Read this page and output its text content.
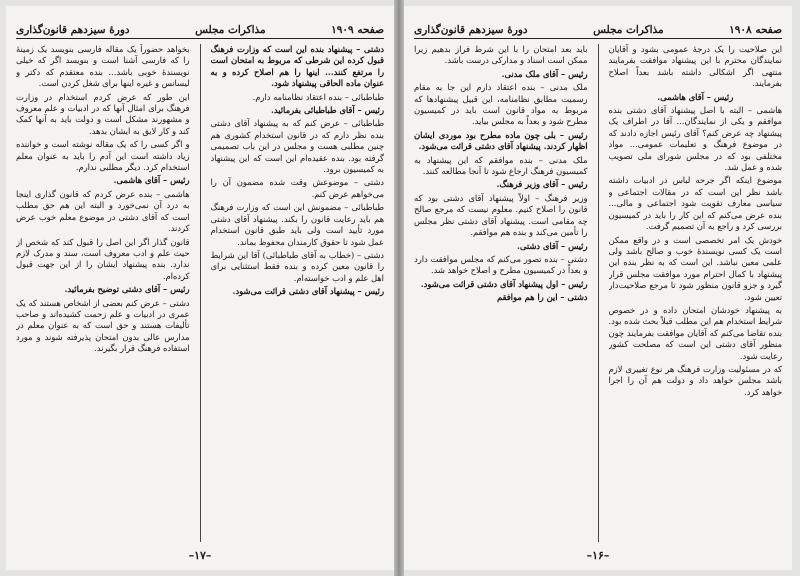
صفحه ۱۹۰۹
مذاکرات مجلس
دورهٔ سیزدهم قانون‌گذاری

دشتی – پیشنهاد بنده این است که وزارت فرهنگ قبول کرده این شرطی که مربوط به امتحان است را مرتفع کنند... اینها را هم اصلاح کرده و به عنوان ماده الحاقی پیشنهاد شود.

طباطبائی – بنده اعتقاد نظامنامه دارم.

رئیس – آقای طباطبائی بفرمائید.

طباطبائی – عرض کنم که به پیشنهاد آقای دشتی بنده نظر دارم که در قانون استخدام کشوری هم چنین مطلبی هست و مجلس در این باب تصمیمی گرفته بود. بنده عقیده‌ام این است که این پیشنهاد به کمیسیون برود.

دشتی – موضوعش وقت شده مضمون آن را می‌خواهم عرض کنم.

طباطبائی – مضمونش این است که وزارت فرهنگ هم باید رعایت قانون را بکند. پیشنهاد آقای دشتی مورد تأیید است ولی باید طبق قانون استخدام عمل شود تا حقوق کارمندان محفوظ بماند.

دشتی – (خطاب به آقای طباطبائی) آقا این شرایط را قانون معین کرده و بنده فقط استثنایی برای اهل علم و ادب خواسته‌ام.

رئیس – پیشنهاد آقای دشتی قرائت می‌شود.

بخواهد حضوراً یک مقاله فارسی بنویسد یک زمینهٔ را که فارسی آشنا است و بنویسد اگر که خیلی نویسندهٔ خوبی باشد... بنده معتقدم که دکتر و لیسانس و غیره اینها برای شغل کردن است.

این طور که عرض کردم استخدام در وزارت فرهنگ برای امثال آنها که در ادبیات و علم معروف و مشهورند مشکل است و دولت باید به آنها کمک کند و کار لایق به ایشان بدهد.

و اگر کسی را که یک مقاله نوشته است و خواننده زیاد داشته است این آدم را باید به عنوان معلم استخدام کرد. دیگر مطلبی ندارم.

رئیس – آقای هاشمی.

هاشمی – بنده عرض کردم که قانون گذاری اینجا به درد آن نمی‌خورد و البته این هم حق مطلب است که آقای دشتی در موضوع معلم خوب عرض کردند.

قانون گذار اگر این اصل را قبول کند که شخص از حیث علم و ادب معروف است، سند و مدرک لازم ندارد. بنده پیشنهاد ایشان را از این جهت قبول کرده‌ام.

رئیس – آقای دشتی توضیح بفرمائید.

دشتی – عرض کنم بعضی از اشخاص هستند که یک عمری در ادبیات و علم زحمت کشیده‌اند و صاحب تألیفات هستند و حق است که به عنوان معلم در مدارس عالی بدون امتحان پذیرفته شوند و مورد استفاده فرهنگ قرار بگیرند.

–۱۷–
صفحه ۱۹۰۸
مذاکرات مجلس
دورهٔ سیزدهم قانون‌گذاری

این صلاحیت را یک درجهٔ عمومی بشود و آقایان نمایندگان محترم با این پیشنهاد موافقت بفرمایند منتهی اگر اشکالی داشته باشد بعداً اصلاح بفرمایند.

رئیس – آقای هاشمی.

هاشمی – البته با اصل پیشنهاد آقای دشتی بنده موافقم و یکی از نمایندگان... آقا در اطراف یک پیشنهاد چه عرض کنم؟ آقای رئیس اجازه دادند که در موضوع فرهنگ و تعلیمات عمومی... مواد مختلفی بود که در مجلس شورای ملی تصویب شده و عمل شد.

موضوع اینکه اگر جرحه لباس در ادبیات داشته باشد نظر این است که در مقالات اجتماعی و سیاسی معارف تقویت شود اجتماعی و مالی... بنده عرض می‌کنم که این کار را باید در کمیسیون بررسی کرد و راجع به آن تصمیم گرفت.

خودش یک امر تخصصی است و در واقع ممکن است یک کسی نویسندهٔ خوب و صالح باشد ولی علمی معین نباشد. این است که به نظر بنده این پیشنهاد با کمال احترام مورد موافقت مجلس قرار گیرد و جزو قانون منظور شود تا مرجع صلاحیت‌دار تعیین شود.

به پیشنهاد خودشان امتحان داده و در خصوص شرایط استخدام هم این مطلب قبلاً بحث شده بود. بنده تقاضا می‌کنم که آقایان موافقت بفرمایند چون منظور آقای دشتی این است که مصلحت کشور رعایت شود.

که در مسئولیت وزارت فرهنگ هر نوع تغییری لازم باشد مجلس خواهد داد و دولت هم آن را اجرا خواهد کرد.

باید بعد امتحان را با این شرط فراز بدهیم زیرا ممکن است اسناد و مدارکی درست باشد.

رئیس – آقای ملک مدنی.

ملک مدنی – بنده اعتقاد دارم این جا به مقام رسمیت مطابق نظامنامه، این قبیل پیشنهادها که مربوط به مواد قانون است باید در کمیسیون مطرح شود و بعداً به مجلس بیاید.

رئیس – بلی چون ماده مطرح بود موردی ایشان اظهار کردند. پیشنهاد آقای دشتی قرائت می‌شود.

ملک مدنی – بنده موافقم که این پیشنهاد به کمیسیون فرهنگ ارجاع شود تا آنجا مطالعه کنند.

رئیس – آقای وزیر فرهنگ.

وزیر فرهنگ – اولاً پیشنهاد آقای دشتی بود که قانون را اصلاح کنیم. معلوم نیست که مرجع صالح چه مقامی است. پیشنهاد آقای دشتی نظر مجلس را تأمین می‌کند و بنده هم موافقم.

رئیس – آقای دشتی.

دشتی – بنده تصور می‌کنم که مجلس موافقت دارد و بعداً در کمیسیون مطرح و اصلاح خواهد شد.

رئیس – اول پیشنهاد آقای دشتی قرائت می‌شود.

دشتی – این را هم موافقم

–۱۶–
